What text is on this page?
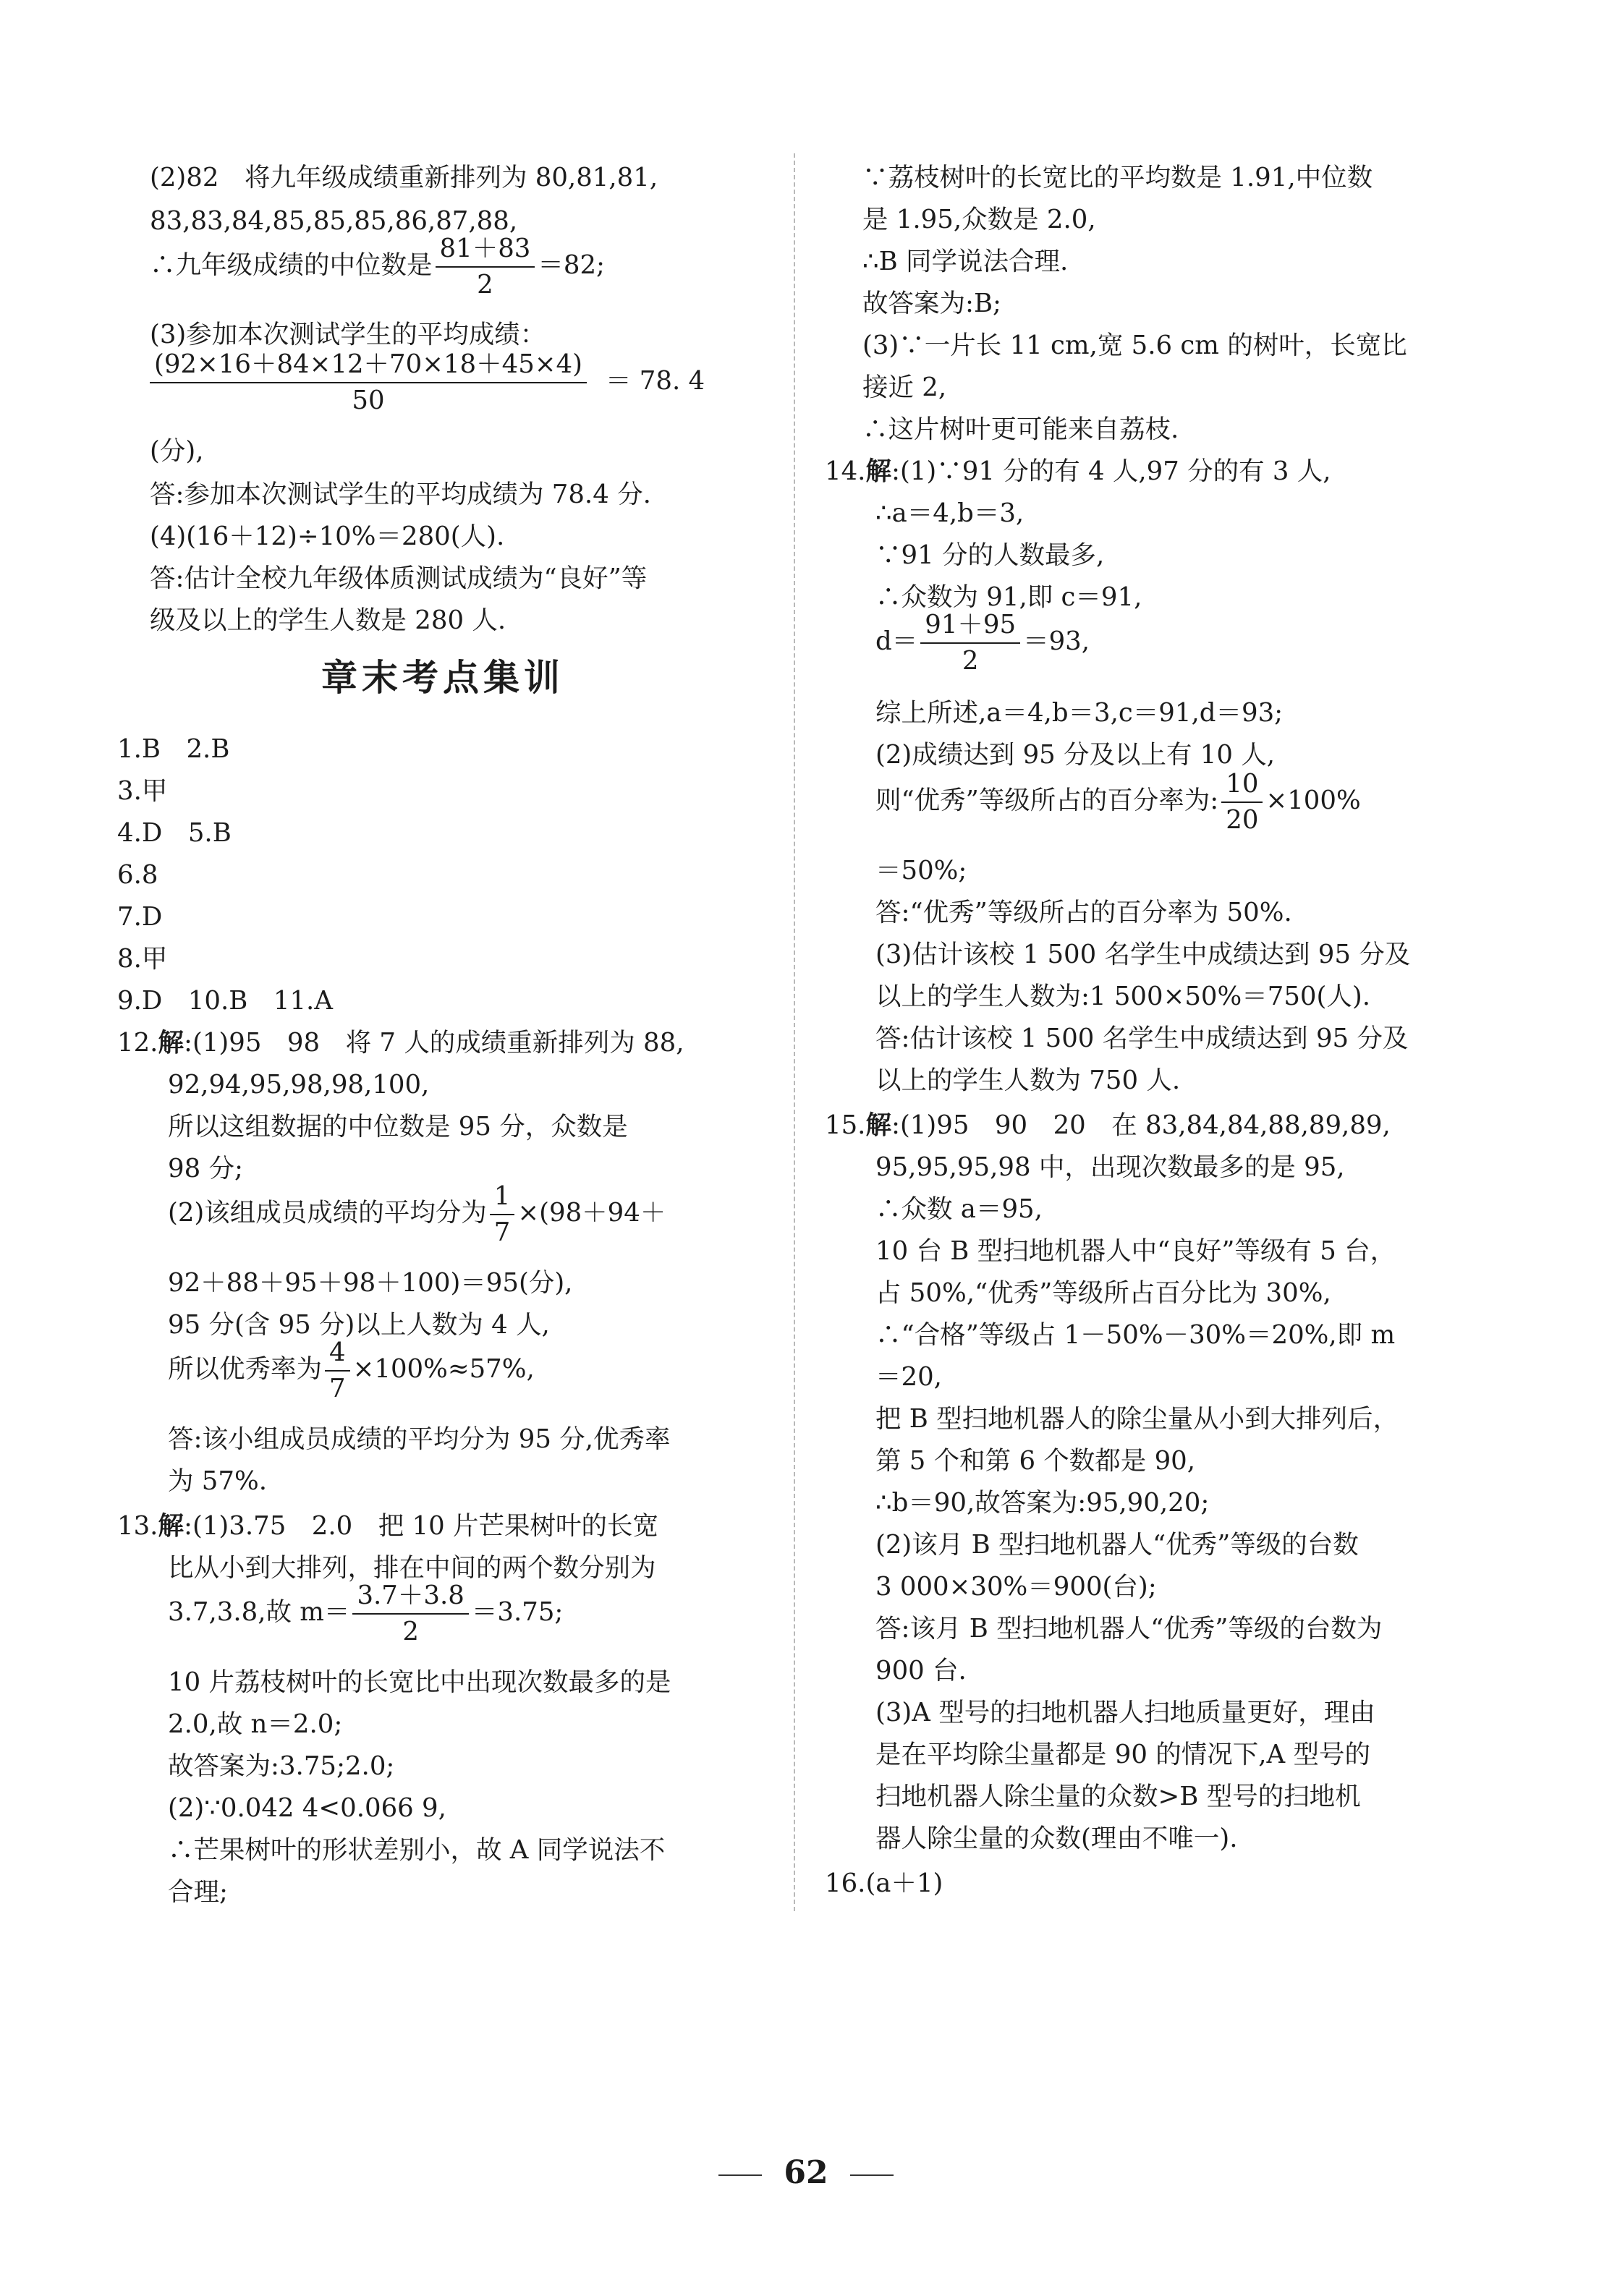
(2)82　将九年级成绩重新排列为 80,81,81,
83,83,84,85,85,85,86,87,88,
∴九年级成绩的中位数是 $\frac{81+83}{2} =82$;
(3)参加本次测试学生的平均成绩：
$\frac{(92\times 16+84\times 12+70\times 18+45\times 4)}{50} = 78$. 4
(分),
答:参加本次测试学生的平均成绩为 78.4 分.
(4)(16＋12)÷10%＝280(人).
答:估计全校九年级体质测试成绩为“良好”等
级及以上的学生人数是 280 人.
1.B　2.B
3.甲
4.D　5.B
6.8
7.D
8.甲
9.D　10.B　11.A
12.解:(1)95　98　将 7 人的成绩重新排列为 88,
92,94,95,98,98,100,
所以这组数据的中位数是 95 分，众数是
98 分;
(2)该组成员成绩的平均分为 $\frac{1}{7} \times(98+94+$
92＋88＋95＋98＋100)＝95(分),
95 分(含 95 分)以上人数为 4 人,
所以优秀率为 $\frac{4}{7} \times 100\%\approx 57\%$,
答:该小组成员成绩的平均分为 95 分,优秀率
为 57%.
13.解:(1)3.75　2.0　把 10 片芒果树叶的长宽
比从小到大排列，排在中间的两个数分别为
3.7,3.8,故 $m= \frac{3.7+3.8}{2} =3.75$;
10 片荔枝树叶的长宽比中出现次数最多的是
2.0,故 n＝2.0;
故答案为:3.75;2.0;
(2)∵0.042 4<0.066 9,
∴芒果树叶的形状差别小，故 A 同学说法不
合理;
章末考点集训
∵荔枝树叶的长宽比的平均数是 1.91,中位数
是 1.95,众数是 2.0,
∴B 同学说法合理.
故答案为:B;
(3)∵一片长 11 cm,宽 5.6 cm 的树叶，长宽比
接近 2,
∴这片树叶更可能来自荔枝.
14.解:(1)∵91 分的有 4 人,97 分的有 3 人,
∴a＝4,b＝3,
∵91 分的人数最多,
∴众数为 91,即 c＝91,
$d= \frac{91+95}{2} =93$,
综上所述,a＝4,b＝3,c＝91,d＝93;
(2)成绩达到 95 分及以上有 10 人,
则“优秀”等级所占的百分率为: $\frac{10}{20} \times 100\%$
＝50%;
答:“优秀”等级所占的百分率为 50%.
(3)估计该校 1 500 名学生中成绩达到 95 分及
以上的学生人数为:1 500×50%＝750(人).
答:估计该校 1 500 名学生中成绩达到 95 分及
以上的学生人数为 750 人.
15.解:(1)95　90　20　在 83,84,84,88,89,89,
95,95,95,98 中，出现次数最多的是 95,
∴众数 a＝95,
10 台 B 型扫地机器人中“良好”等级有 5 台，
占 50%,“优秀”等级所占百分比为 30%,
∴“合格”等级占 1－50%－30%＝20%,即 m
＝20,
把 B 型扫地机器人的除尘量从小到大排列后，
第 5 个和第 6 个数都是 90,
∴b＝90,故答案为:95,90,20;
(2)该月 B 型扫地机器人“优秀”等级的台数
3 000×30%＝900(台);
答:该月 B 型扫地机器人“优秀”等级的台数为
900 台.
(3)A 型号的扫地机器人扫地质量更好，理由
是在平均除尘量都是 90 的情况下,A 型号的
扫地机器人除尘量的众数>B 型号的扫地机
器人除尘量的众数(理由不唯一).
16.(a＋1)
62
